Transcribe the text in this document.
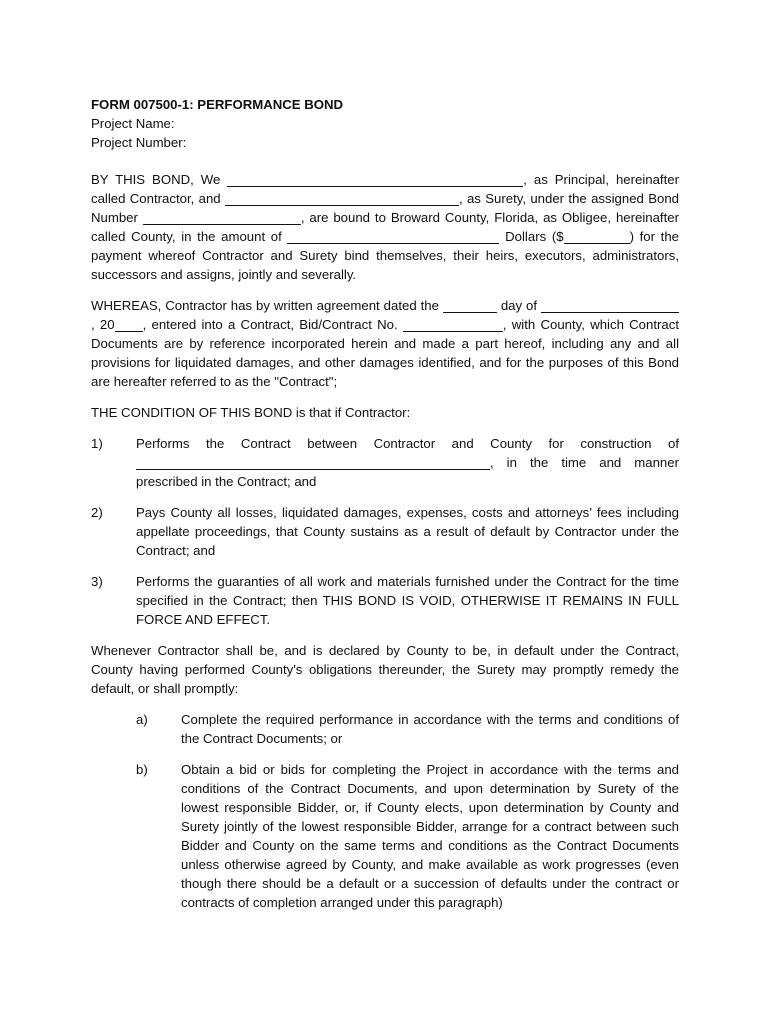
FORM 007500-1: PERFORMANCE BOND

Project Name:

Project Number:

BY THIS BOND, We	, as Principal, hereinafter called Contractor, and	, as Surety, under the assigned Bond Number	, are bound to Broward County, Florida, as Obligee, hereinafter called County, in the amount of	Dollars ($	) for the payment whereof Contractor and Surety bind themselves, their heirs, executors, administrators, successors and assigns, jointly and severally.

WHEREAS, Contractor has by written agreement dated the	day of , 20 , entered into a Contract, Bid/Contract No.	, with County, which Contract Documents are by reference incorporated herein and made a part hereof, including any and all provisions for liquidated damages, and other damages identified, and for the purposes of this Bond are hereafter referred to as the "Contract";

THE CONDITION OF THIS BOND is that if Contractor:

1)	Performs the Contract between Contractor and County for construction of , in the time and manner prescribed in the Contract; and
2)	Pays County all losses, liquidated damages, expenses, costs and attorneys’ fees including appellate proceedings, that County sustains as a result of default by Contractor under the Contract; and
3)	Performs the guaranties of all work and materials furnished under the Contract for the time specified in the Contract; then THIS BOND IS VOID, OTHERWISE IT REMAINS IN FULL FORCE AND EFFECT.

Whenever Contractor shall be, and is declared by County to be, in default under the Contract, County having performed County's obligations thereunder, the Surety may promptly remedy the default, or shall promptly:

a)	Complete the required performance in accordance with the terms and conditions of the Contract Documents; or
b)	Obtain a bid or bids for completing the Project in accordance with the terms and conditions of the Contract Documents, and upon determination by Surety of the lowest responsible Bidder, or, if County elects, upon determination by County and Surety jointly of the lowest responsible Bidder, arrange for a contract between such Bidder and County on the same terms and conditions as the Contract Documents unless otherwise agreed by County, and make available as work progresses (even though there should be a default or a succession of defaults under the contract or contracts of completion arranged under this paragraph)
